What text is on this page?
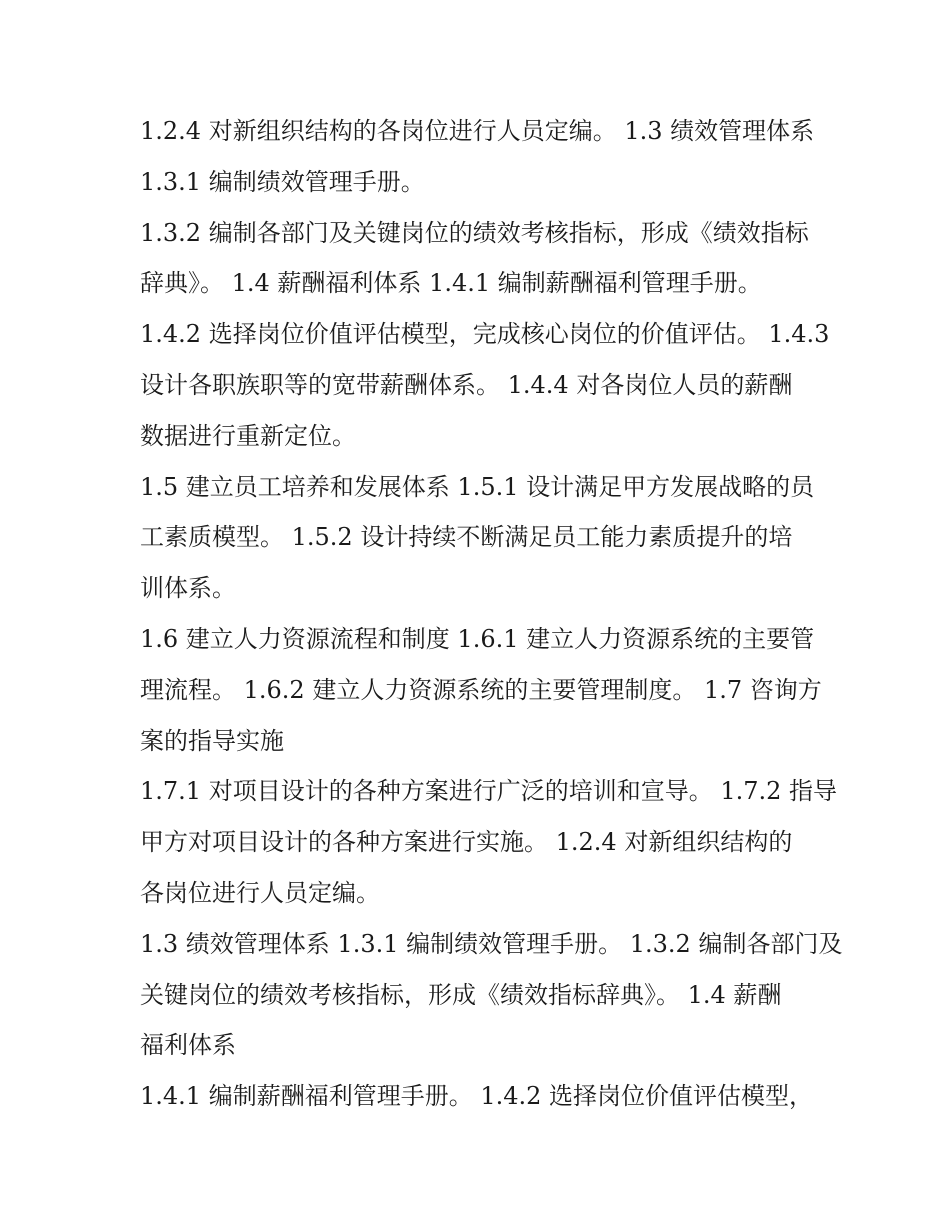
1.2.4 对新组织结构的各岗位进行人员定编。 1.3 绩效管理体系
1.3.1 编制绩效管理手册。
1.3.2 编制各部门及关键岗位的绩效考核指标，形成《绩效指标
辞典》。 1.4 薪酬福利体系 1.4.1 编制薪酬福利管理手册。
1.4.2 选择岗位价值评估模型，完成核心岗位的价值评估。 1.4.3
设计各职族职等的宽带薪酬体系。 1.4.4 对各岗位人员的薪酬
数据进行重新定位。
1.5 建立员工培养和发展体系 1.5.1 设计满足甲方发展战略的员
工素质模型。 1.5.2 设计持续不断满足员工能力素质提升的培
训体系。
1.6 建立人力资源流程和制度 1.6.1 建立人力资源系统的主要管
理流程。 1.6.2 建立人力资源系统的主要管理制度。 1.7 咨询方
案的指导实施
1.7.1 对项目设计的各种方案进行广泛的培训和宣导。 1.7.2 指导
甲方对项目设计的各种方案进行实施。 1.2.4 对新组织结构的
各岗位进行人员定编。
1.3 绩效管理体系 1.3.1 编制绩效管理手册。 1.3.2 编制各部门及
关键岗位的绩效考核指标，形成《绩效指标辞典》。 1.4 薪酬
福利体系
1.4.1 编制薪酬福利管理手册。 1.4.2 选择岗位价值评估模型，
